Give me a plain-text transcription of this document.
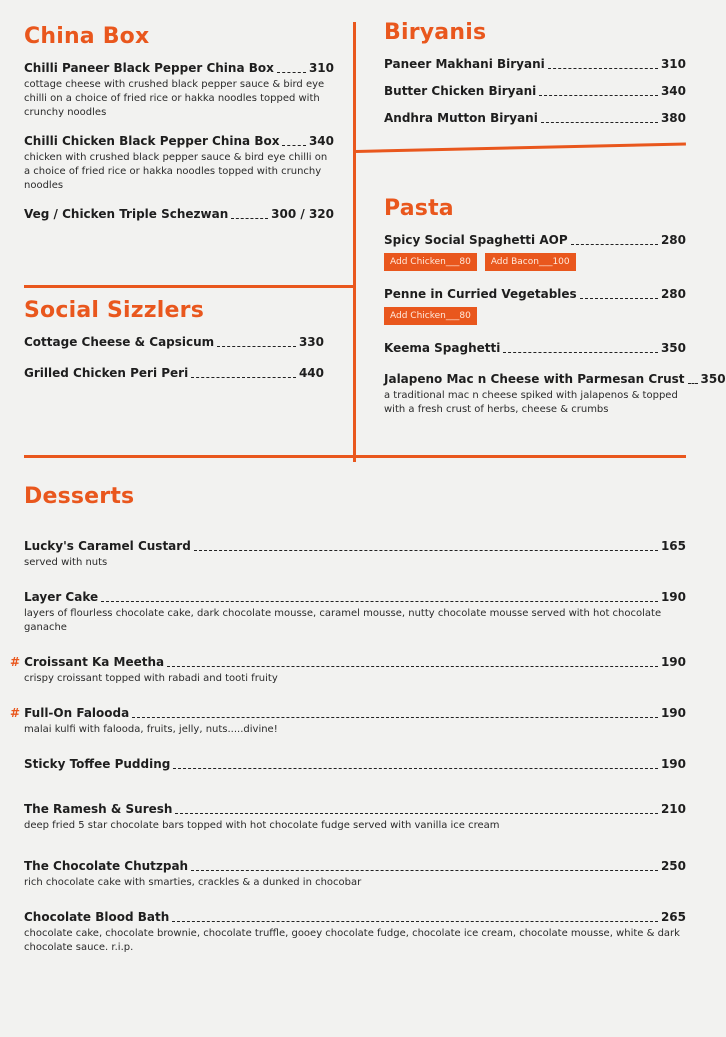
China Box
Chilli Paneer Black Pepper China Box	310
cottage cheese with crushed black pepper sauce & bird eye chilli on a choice of fried rice or hakka noodles topped with crunchy noodles
Chilli Chicken Black Pepper China Box 340
chicken with crushed black pepper sauce & bird eye chilli on a choice of fried rice or hakka noodles topped with crunchy noodles
Veg / Chicken Triple Schezwan	300 / 320
Social Sizzlers
Cottage Cheese & Capsicum	330
Grilled Chicken Peri Peri	440
Biryanis
Paneer Makhani Biryani	310
Butter Chicken Biryani	340
Andhra Mutton Biryani	380
Pasta
Spicy Social Spaghetti AOP	280
Add Chicken___80	Add Bacon___100
Penne in Curried Vegetables	280
Add Chicken___80
Keema Spaghetti	350
Jalapeno Mac n Cheese with Parmesan Crust 350
a traditional mac n cheese spiked with jalapenos & topped with a fresh crust of herbs, cheese & crumbs
Desserts
Lucky's Caramel Custard	165
served with nuts
Layer Cake	190
layers of flourless chocolate cake, dark chocolate mousse, caramel mousse, nutty chocolate mousse served with hot chocolate ganache
# Croissant Ka Meetha	190
crispy croissant topped with rabadi and tooti fruity
# Full-On Falooda	190
malai kulfi with falooda, fruits, jelly, nuts.....divine!
Sticky Toffee Pudding	190
The Ramesh & Suresh	210
deep fried 5 star chocolate bars topped with hot chocolate fudge served with vanilla ice cream
The Chocolate Chutzpah	250
rich chocolate cake with smarties, crackles & a dunked in chocobar
Chocolate Blood Bath	265
chocolate cake, chocolate brownie, chocolate truffle, gooey chocolate fudge, chocolate ice cream, chocolate mousse, white & dark chocolate sauce. r.i.p.
